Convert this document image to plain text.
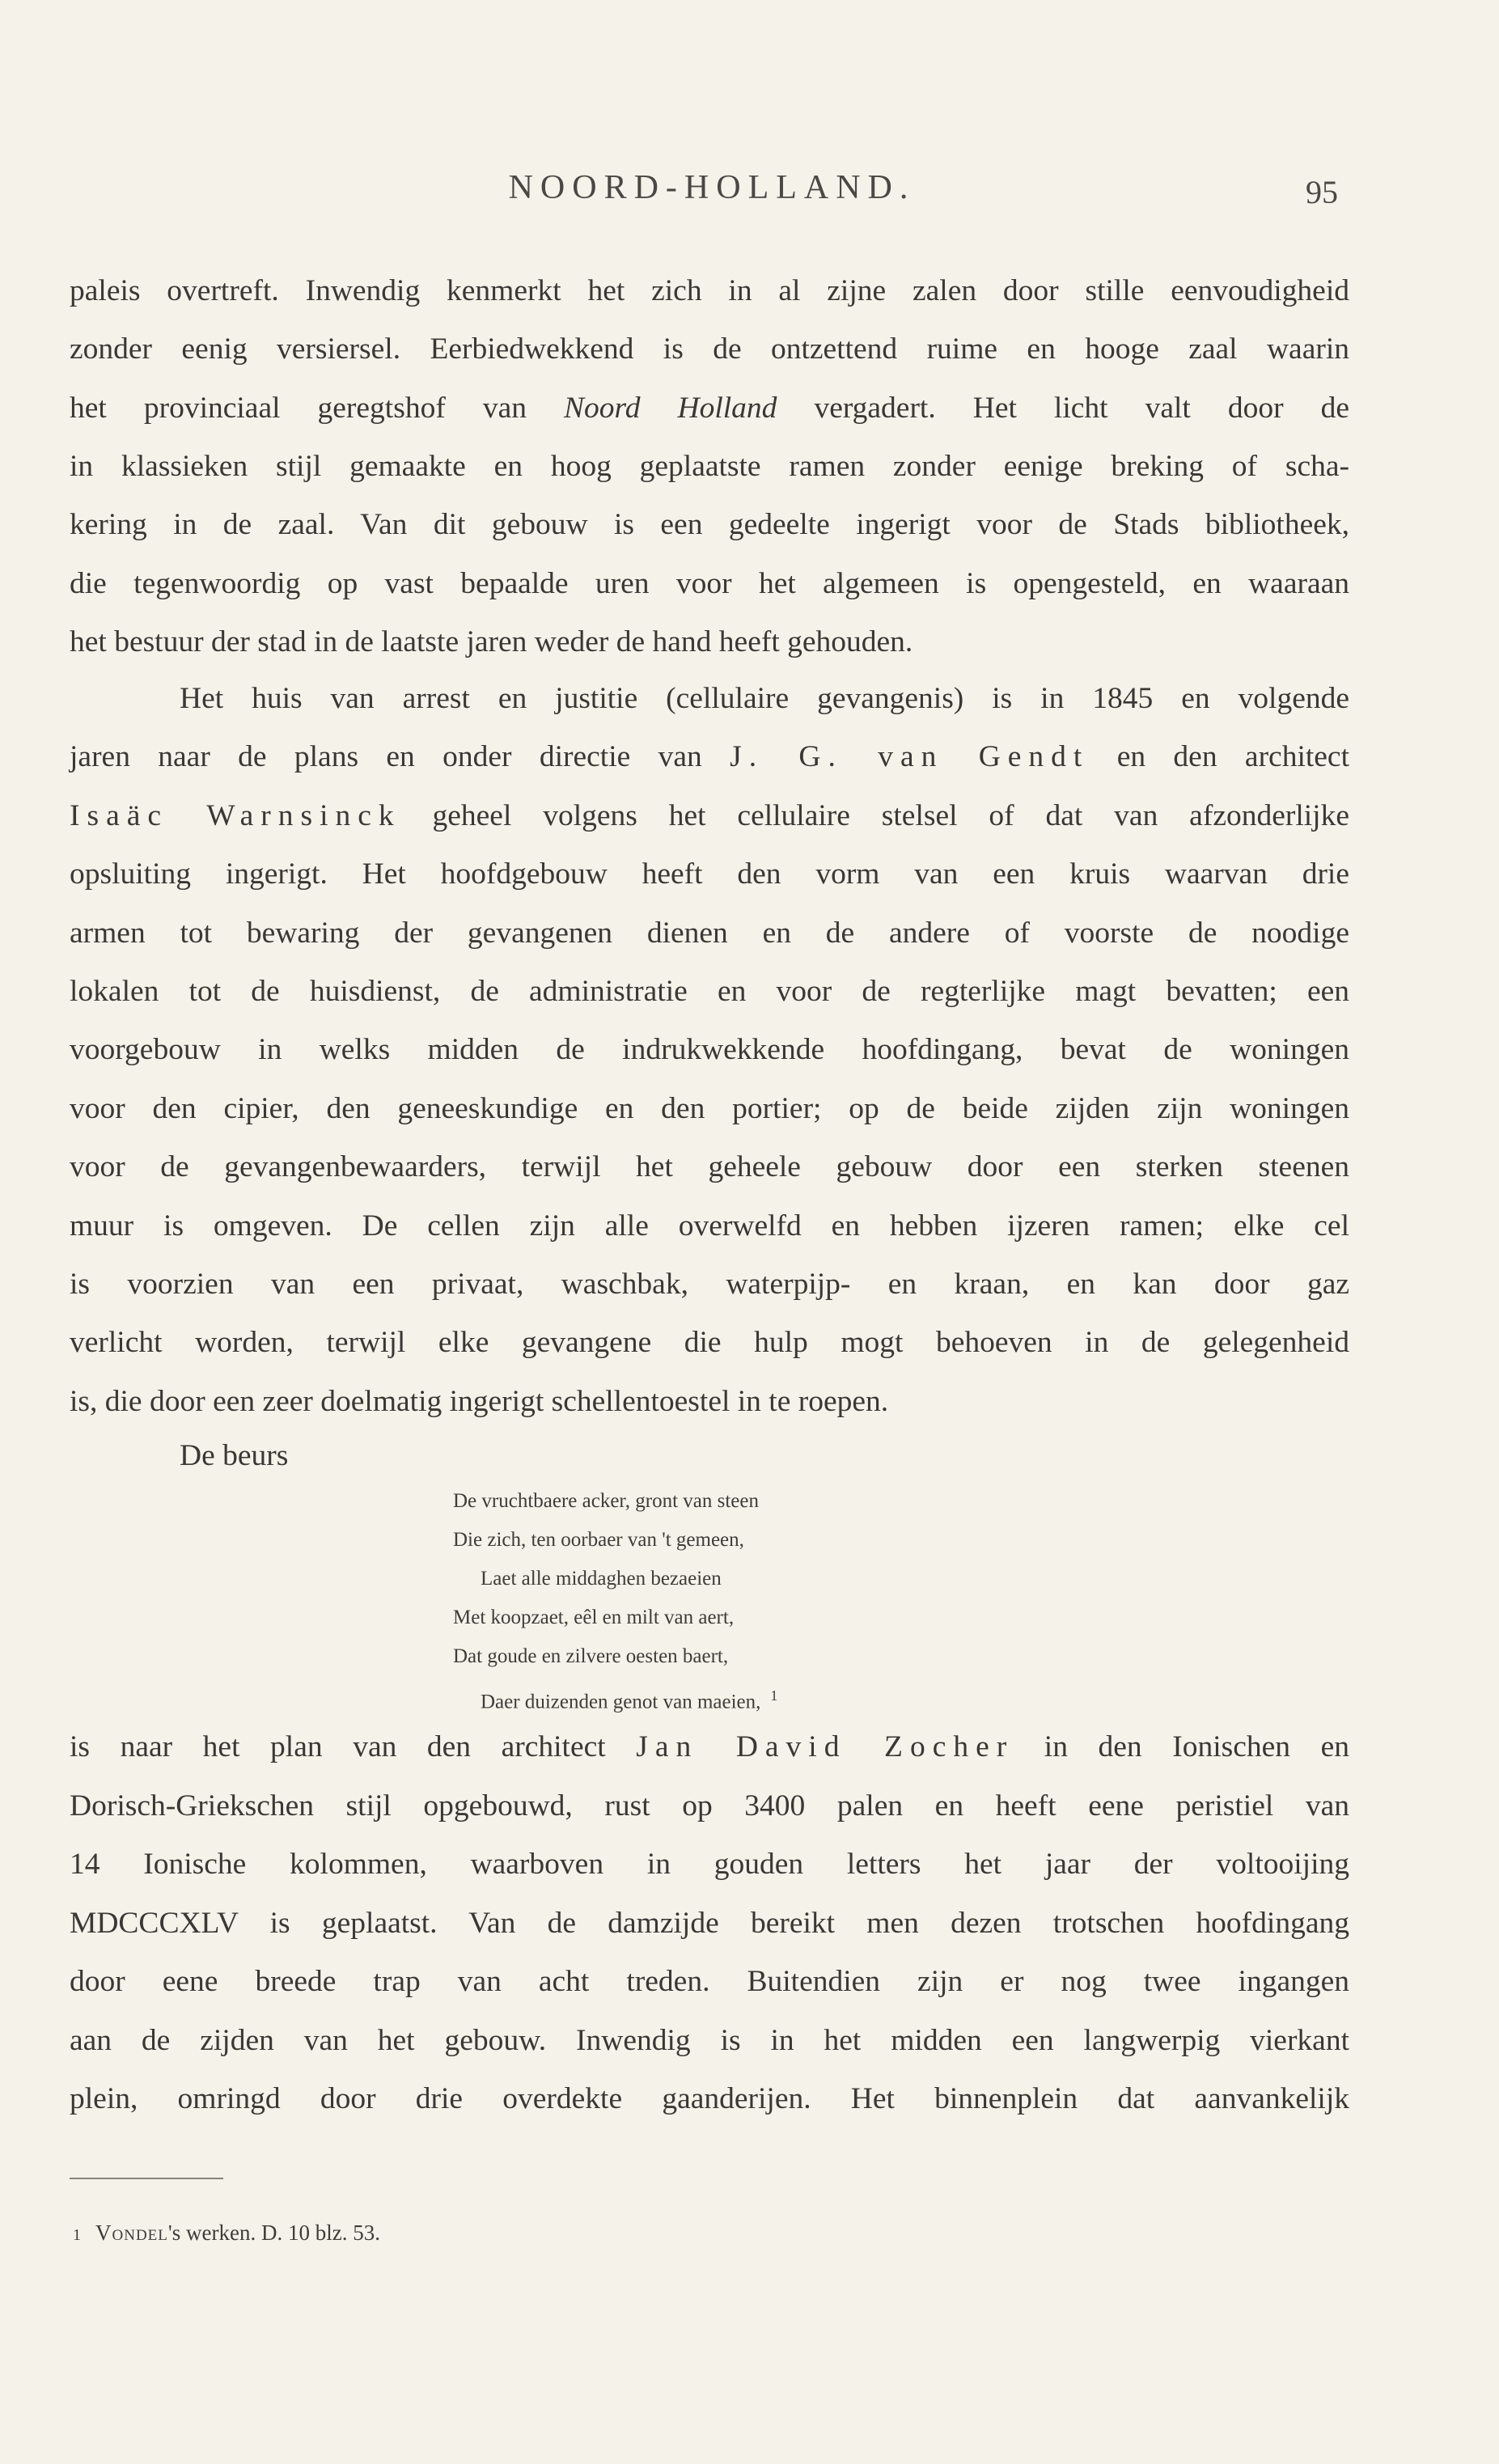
NOORD-HOLLAND.	95
paleis overtreft. Inwendig kenmerkt het zich in al zijne zalen door stille eenvoudigheid
zonder eenig versiersel. Eerbiedwekkend is de ontzettend ruime en hooge zaal waarin
het provinciaal geregtshof van Noord Holland vergadert. Het licht valt door de
in klassieken stijl gemaakte en hoog geplaatste ramen zonder eenige breking of scha-
kering in de zaal. Van dit gebouw is een gedeelte ingerigt voor de Stads bibliotheek,
die tegenwoordig op vast bepaalde uren voor het algemeen is opengesteld, en waaraan
het bestuur der stad in de laatste jaren weder de hand heeft gehouden.
Het huis van arrest en justitie (cellulaire gevangenis) is in 1845 en volgende
jaren naar de plans en onder directie van J. G. van Gendt en den architect
Isaäc Warnsinck geheel volgens het cellulaire stelsel of dat van afzonderlijke
opsluiting ingerigt. Het hoofdgebouw heeft den vorm van een kruis waarvan drie
armen tot bewaring der gevangenen dienen en de andere of voorste de noodige
lokalen tot de huisdienst, de administratie en voor de regterlijke magt bevatten; een
voorgebouw in welks midden de indrukwekkende hoofdingang, bevat de woningen
voor den cipier, den geneeskundige en den portier; op de beide zijden zijn woningen
voor de gevangenbewaarders, terwijl het geheele gebouw door een sterken steenen
muur is omgeven. De cellen zijn alle overwelfd en hebben ijzeren ramen; elke cel
is voorzien van een privaat, waschbak, waterpijp- en kraan, en kan door gaz
verlicht worden, terwijl elke gevangene die hulp mogt behoeven in de gelegenheid
is, die door een zeer doelmatig ingerigt schellentoestel in te roepen.
De beurs
De vruchtbaere acker, gront van steen
Die zich, ten oorbaer van 't gemeen,
Laet alle middaghen bezaeien
Met koopzaet, eêl en milt van aert,
Dat goude en zilvere oesten baert,
Daer duizenden genot van maeien, $^1$
is naar het plan van den architect Jan David Zocher in den Ionischen en
Dorisch-Griekschen stijl opgebouwd, rust op 3400 palen en heeft eene peristiel van
14 Ionische kolommen, waarboven in gouden letters het jaar der voltooijing
MDCCCXLV is geplaatst. Van de damzijde bereikt men dezen trotschen hoofdingang
door eene breede trap van acht treden. Buitendien zijn er nog twee ingangen
aan de zijden van het gebouw. Inwendig is in het midden een langwerpig vierkant
plein, omringd door drie overdekte gaanderijen. Het binnenplein dat aanvankelijk
1 Vondel's werken. D. 10 blz. 53.
